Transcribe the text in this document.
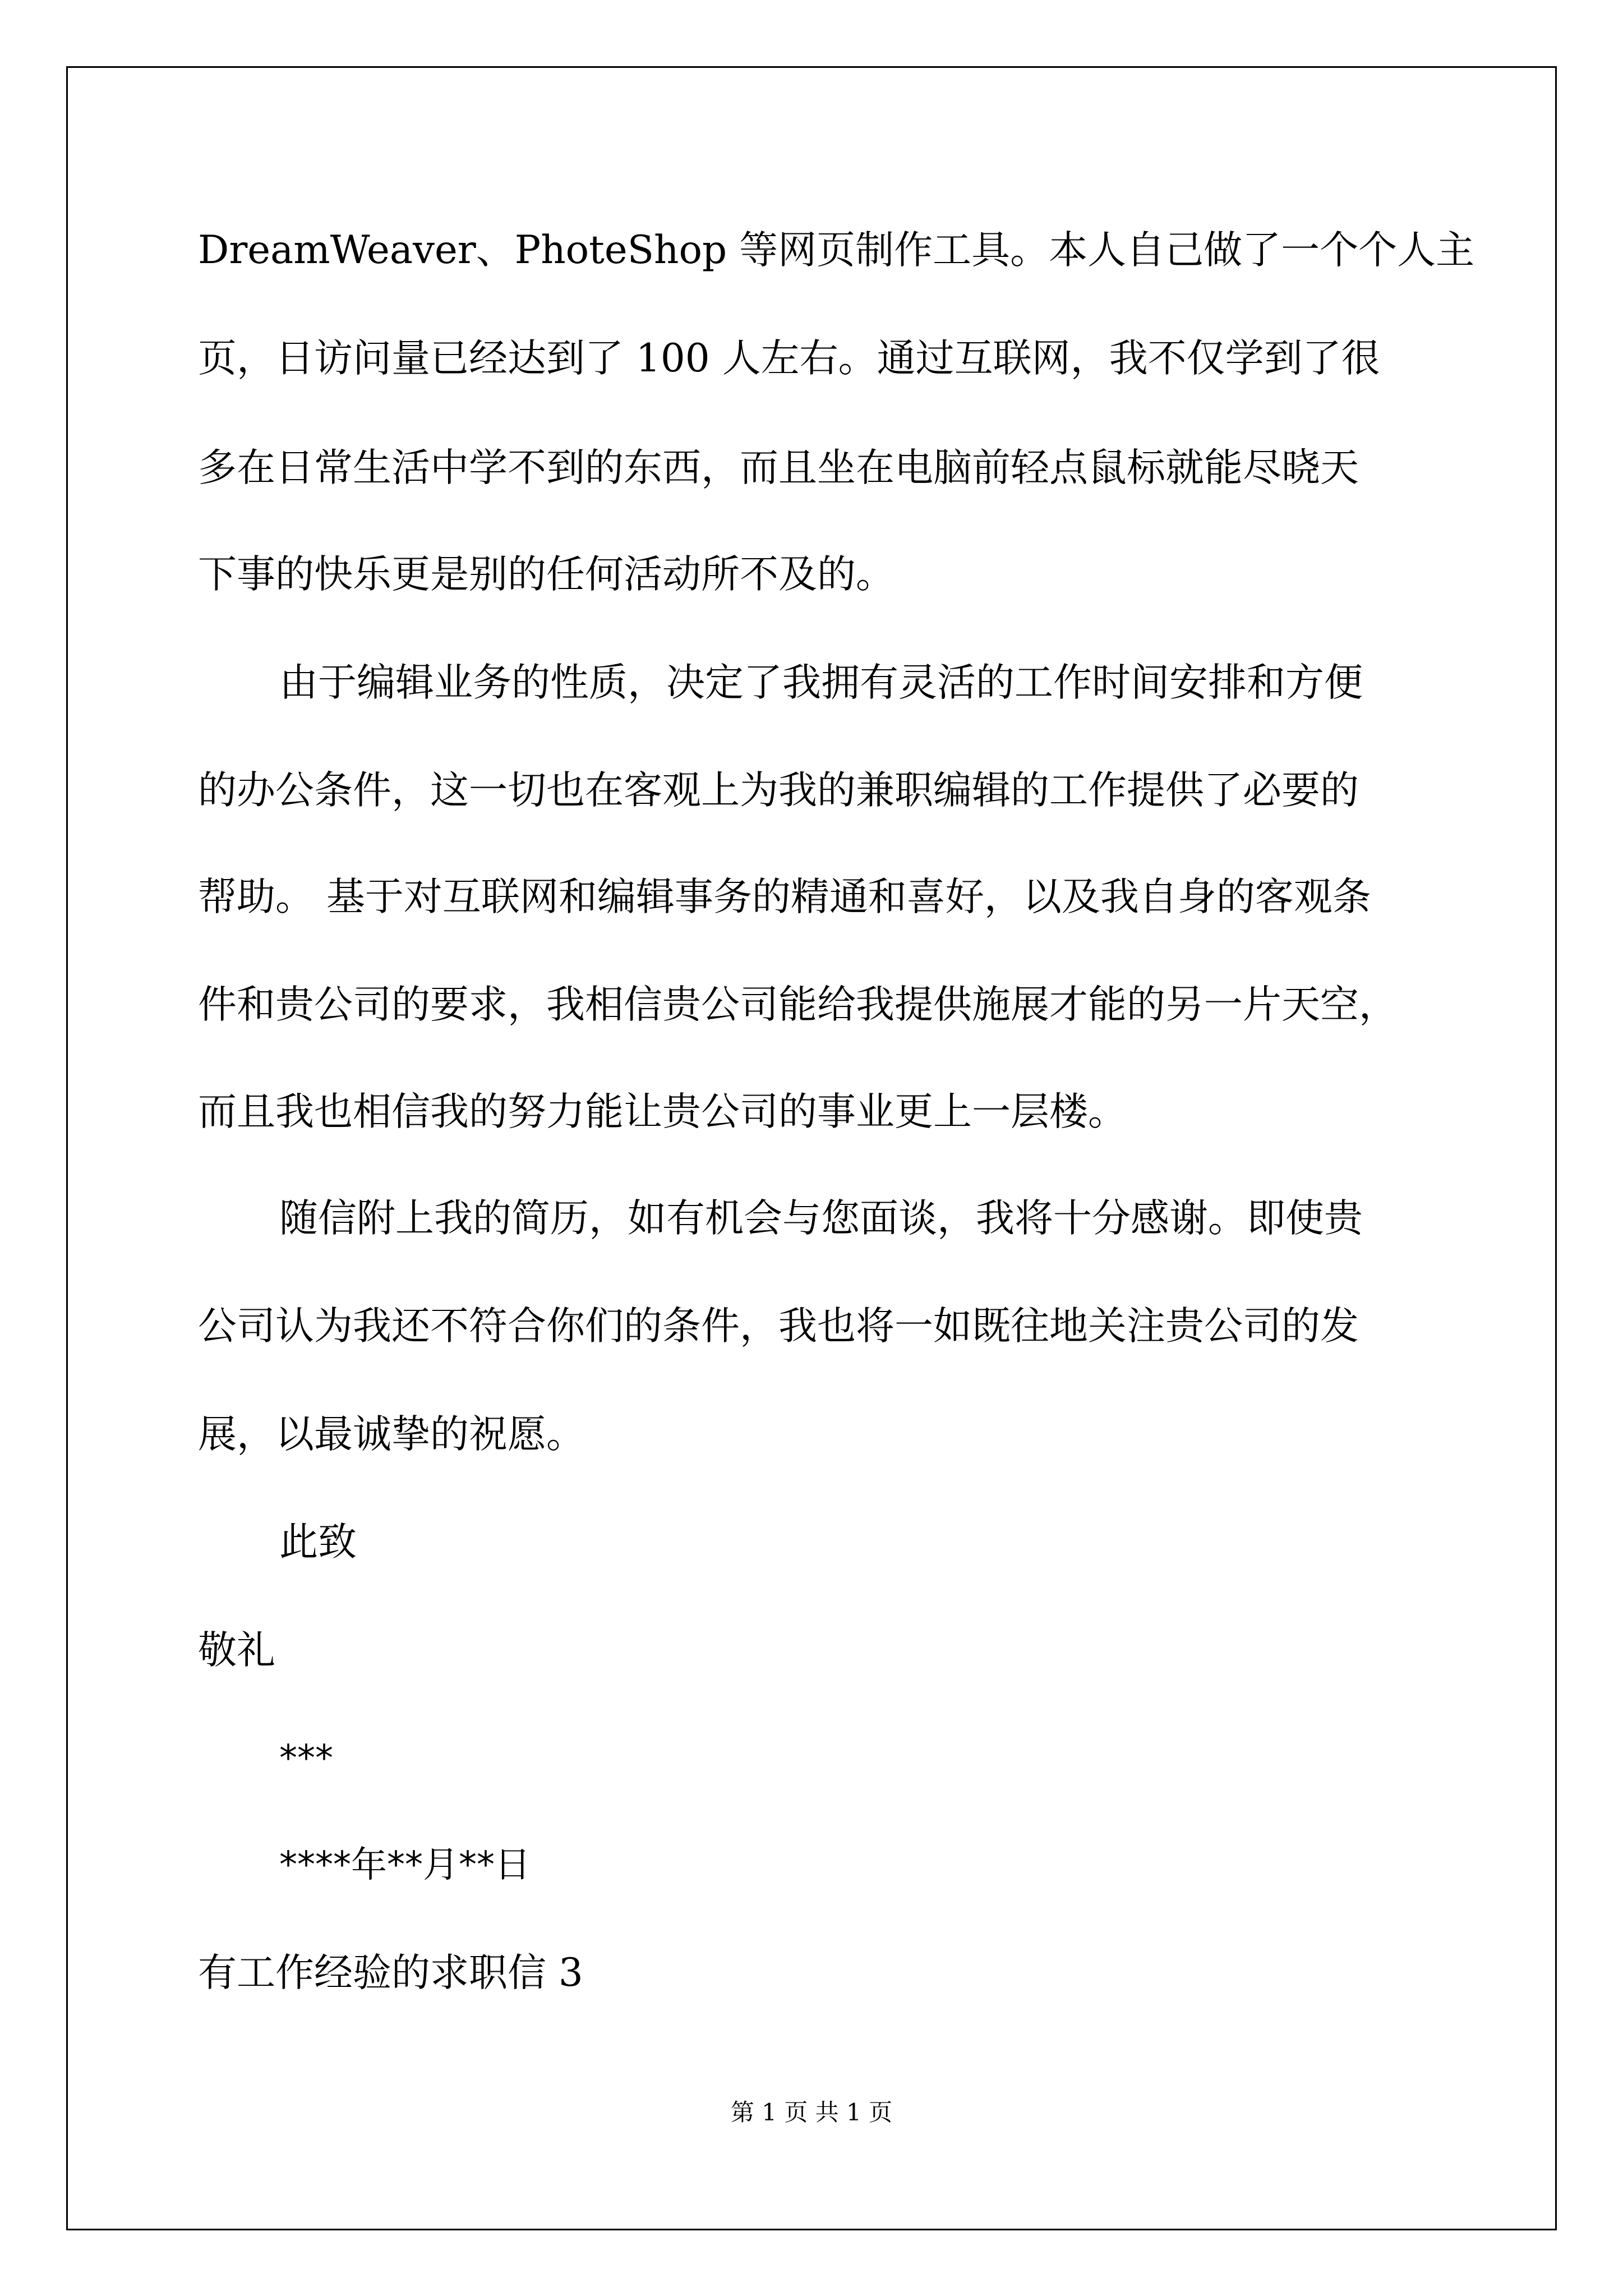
DreamWeaver、PhoteShop 等网页制作工具。本人自己做了一个个人主
页，日访问量已经达到了 100 人左右。通过互联网，我不仅学到了很
多在日常生活中学不到的东西，而且坐在电脑前轻点鼠标就能尽晓天
下事的快乐更是别的任何活动所不及的。
由于编辑业务的性质，决定了我拥有灵活的工作时间安排和方便
的办公条件，这一切也在客观上为我的兼职编辑的工作提供了必要的
帮助。 基于对互联网和编辑事务的精通和喜好，以及我自身的客观条
件和贵公司的要求，我相信贵公司能给我提供施展才能的另一片天空，
而且我也相信我的努力能让贵公司的事业更上一层楼。
随信附上我的简历，如有机会与您面谈，我将十分感谢。即使贵
公司认为我还不符合你们的条件，我也将一如既往地关注贵公司的发
展，以最诚挚的祝愿。
此致
敬礼
***
****年**月**日
有工作经验的求职信 3
第 1 页 共 1 页
